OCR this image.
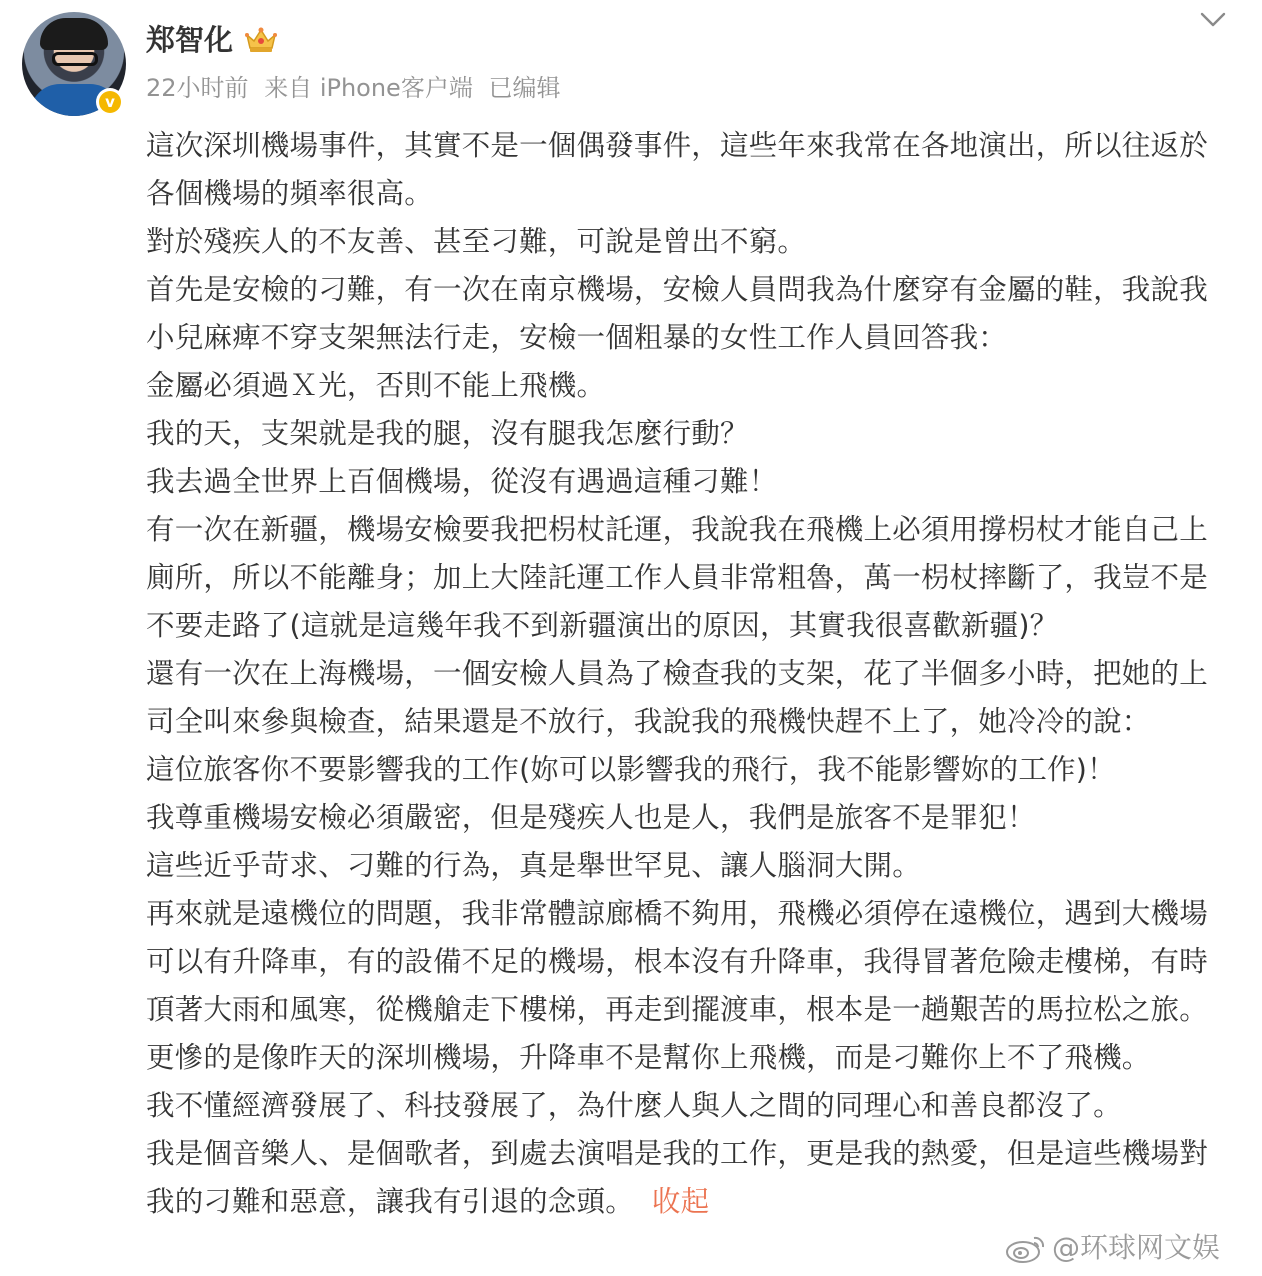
v
郑智化
22小时前 来自 iPhone客户端 已编辑

這次深圳機場事件，其實不是一個偶發事件，這些年來我常在各地演出，所以往返於各個機場的頻率很高。

對於殘疾人的不友善、甚至刁難，可說是曾出不窮。

首先是安檢的刁難，有一次在南京機場，安檢人員問我為什麼穿有金屬的鞋，我說我小兒麻痺不穿支架無法行走，安檢一個粗暴的女性工作人員回答我：

金屬必須過Ｘ光，否則不能上飛機。

我的天，支架就是我的腿，沒有腿我怎麼行動？

我去過全世界上百個機場，從沒有遇過這種刁難！

有一次在新疆，機場安檢要我把枴杖託運，我說我在飛機上必須用撐枴杖才能自己上廁所，所以不能離身；加上大陸託運工作人員非常粗魯，萬一枴杖摔斷了，我豈不是不要走路了(這就是這幾年我不到新疆演出的原因，其實我很喜歡新疆)？

還有一次在上海機場，一個安檢人員為了檢查我的支架，花了半個多小時，把她的上司全叫來參與檢查，結果還是不放行，我說我的飛機快趕不上了，她冷冷的說：

這位旅客你不要影響我的工作(妳可以影響我的飛行，我不能影響妳的工作)！

我尊重機場安檢必須嚴密，但是殘疾人也是人，我們是旅客不是罪犯！

這些近乎苛求、刁難的行為，真是舉世罕見、讓人腦洞大開。

再來就是遠機位的問題，我非常體諒廊橋不夠用，飛機必須停在遠機位，遇到大機場可以有升降車，有的設備不足的機場，根本沒有升降車，我得冒著危險走樓梯，有時頂著大雨和風寒，從機艙走下樓梯，再走到擺渡車，根本是一趟艱苦的馬拉松之旅。更慘的是像昨天的深圳機場，升降車不是幫你上飛機，而是刁難你上不了飛機。

我不懂經濟發展了、科技發展了，為什麼人與人之間的同理心和善良都沒了。

我是個音樂人、是個歌者，到處去演唱是我的工作，更是我的熱愛，但是這些機場對我的刁難和惡意，讓我有引退的念頭。 收起

@环球网文娱
